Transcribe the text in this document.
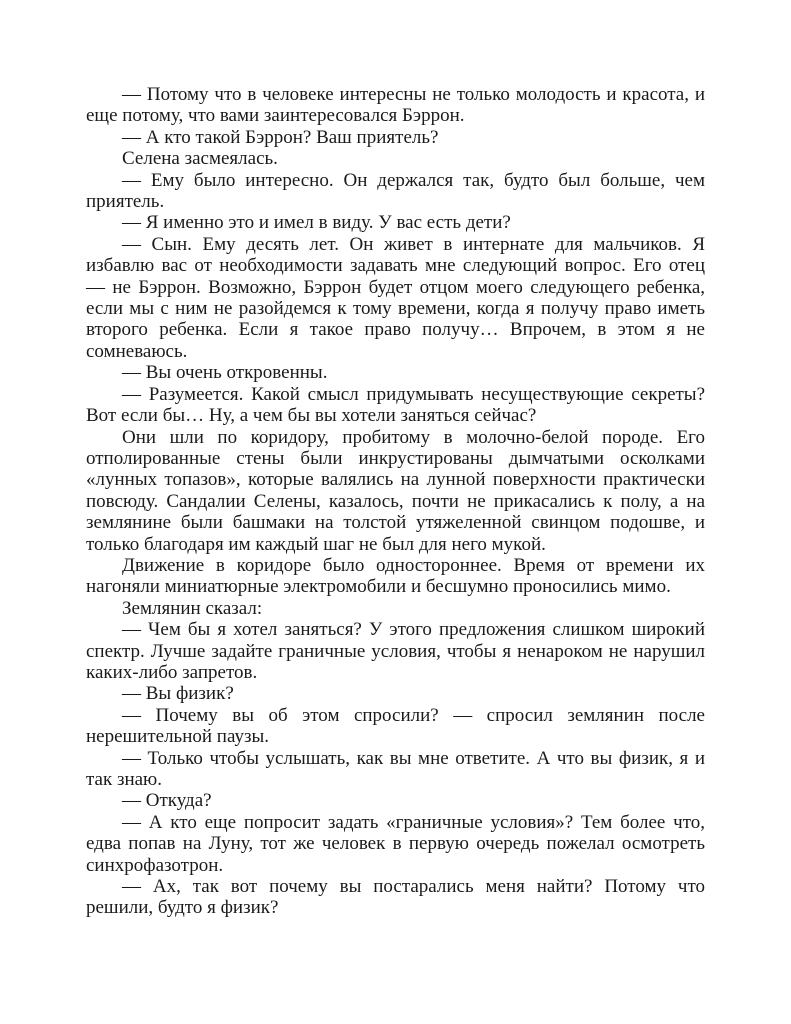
— Потому что в человеке интересны не только молодость и красота, и еще потому, что вами заинтересовался Бэррон.

— А кто такой Бэррон? Ваш приятель?

Селена засмеялась.

— Ему было интересно. Он держался так, будто был больше, чем приятель.

— Я именно это и имел в виду. У вас есть дети?

— Сын. Ему десять лет. Он живет в интернате для мальчиков. Я избавлю вас от необходимости задавать мне следующий вопрос. Его отец — не Бэррон. Возможно, Бэррон будет отцом моего следующего ребенка, если мы с ним не разойдемся к тому времени, когда я получу право иметь второго ребенка. Если я такое право получу… Впрочем, в этом я не сомневаюсь.

— Вы очень откровенны.

— Разумеется. Какой смысл придумывать несуществующие секреты? Вот если бы… Ну, а чем бы вы хотели заняться сейчас?

Они шли по коридору, пробитому в молочно-белой породе. Его отполированные стены были инкрустированы дымчатыми осколками «лунных топазов», которые валялись на лунной поверхности практически повсюду. Сандалии Селены, казалось, почти не прикасались к полу, а на землянине были башмаки на толстой утяжеленной свинцом подошве, и только благодаря им каждый шаг не был для него мукой.

Движение в коридоре было одностороннее. Время от времени их нагоняли миниатюрные электромобили и бесшумно проносились мимо.

Землянин сказал:

— Чем бы я хотел заняться? У этого предложения слишком широкий спектр. Лучше задайте граничные условия, чтобы я ненароком не нарушил каких-либо запретов.

— Вы физик?

— Почему вы об этом спросили? — спросил землянин после нерешительной паузы.

— Только чтобы услышать, как вы мне ответите. А что вы физик, я и так знаю.

— Откуда?

— А кто еще попросит задать «граничные условия»? Тем более что, едва попав на Луну, тот же человек в первую очередь пожелал осмотреть синхрофазотрон.

— Ах, так вот почему вы постарались меня найти? Потому что решили, будто я физик?
